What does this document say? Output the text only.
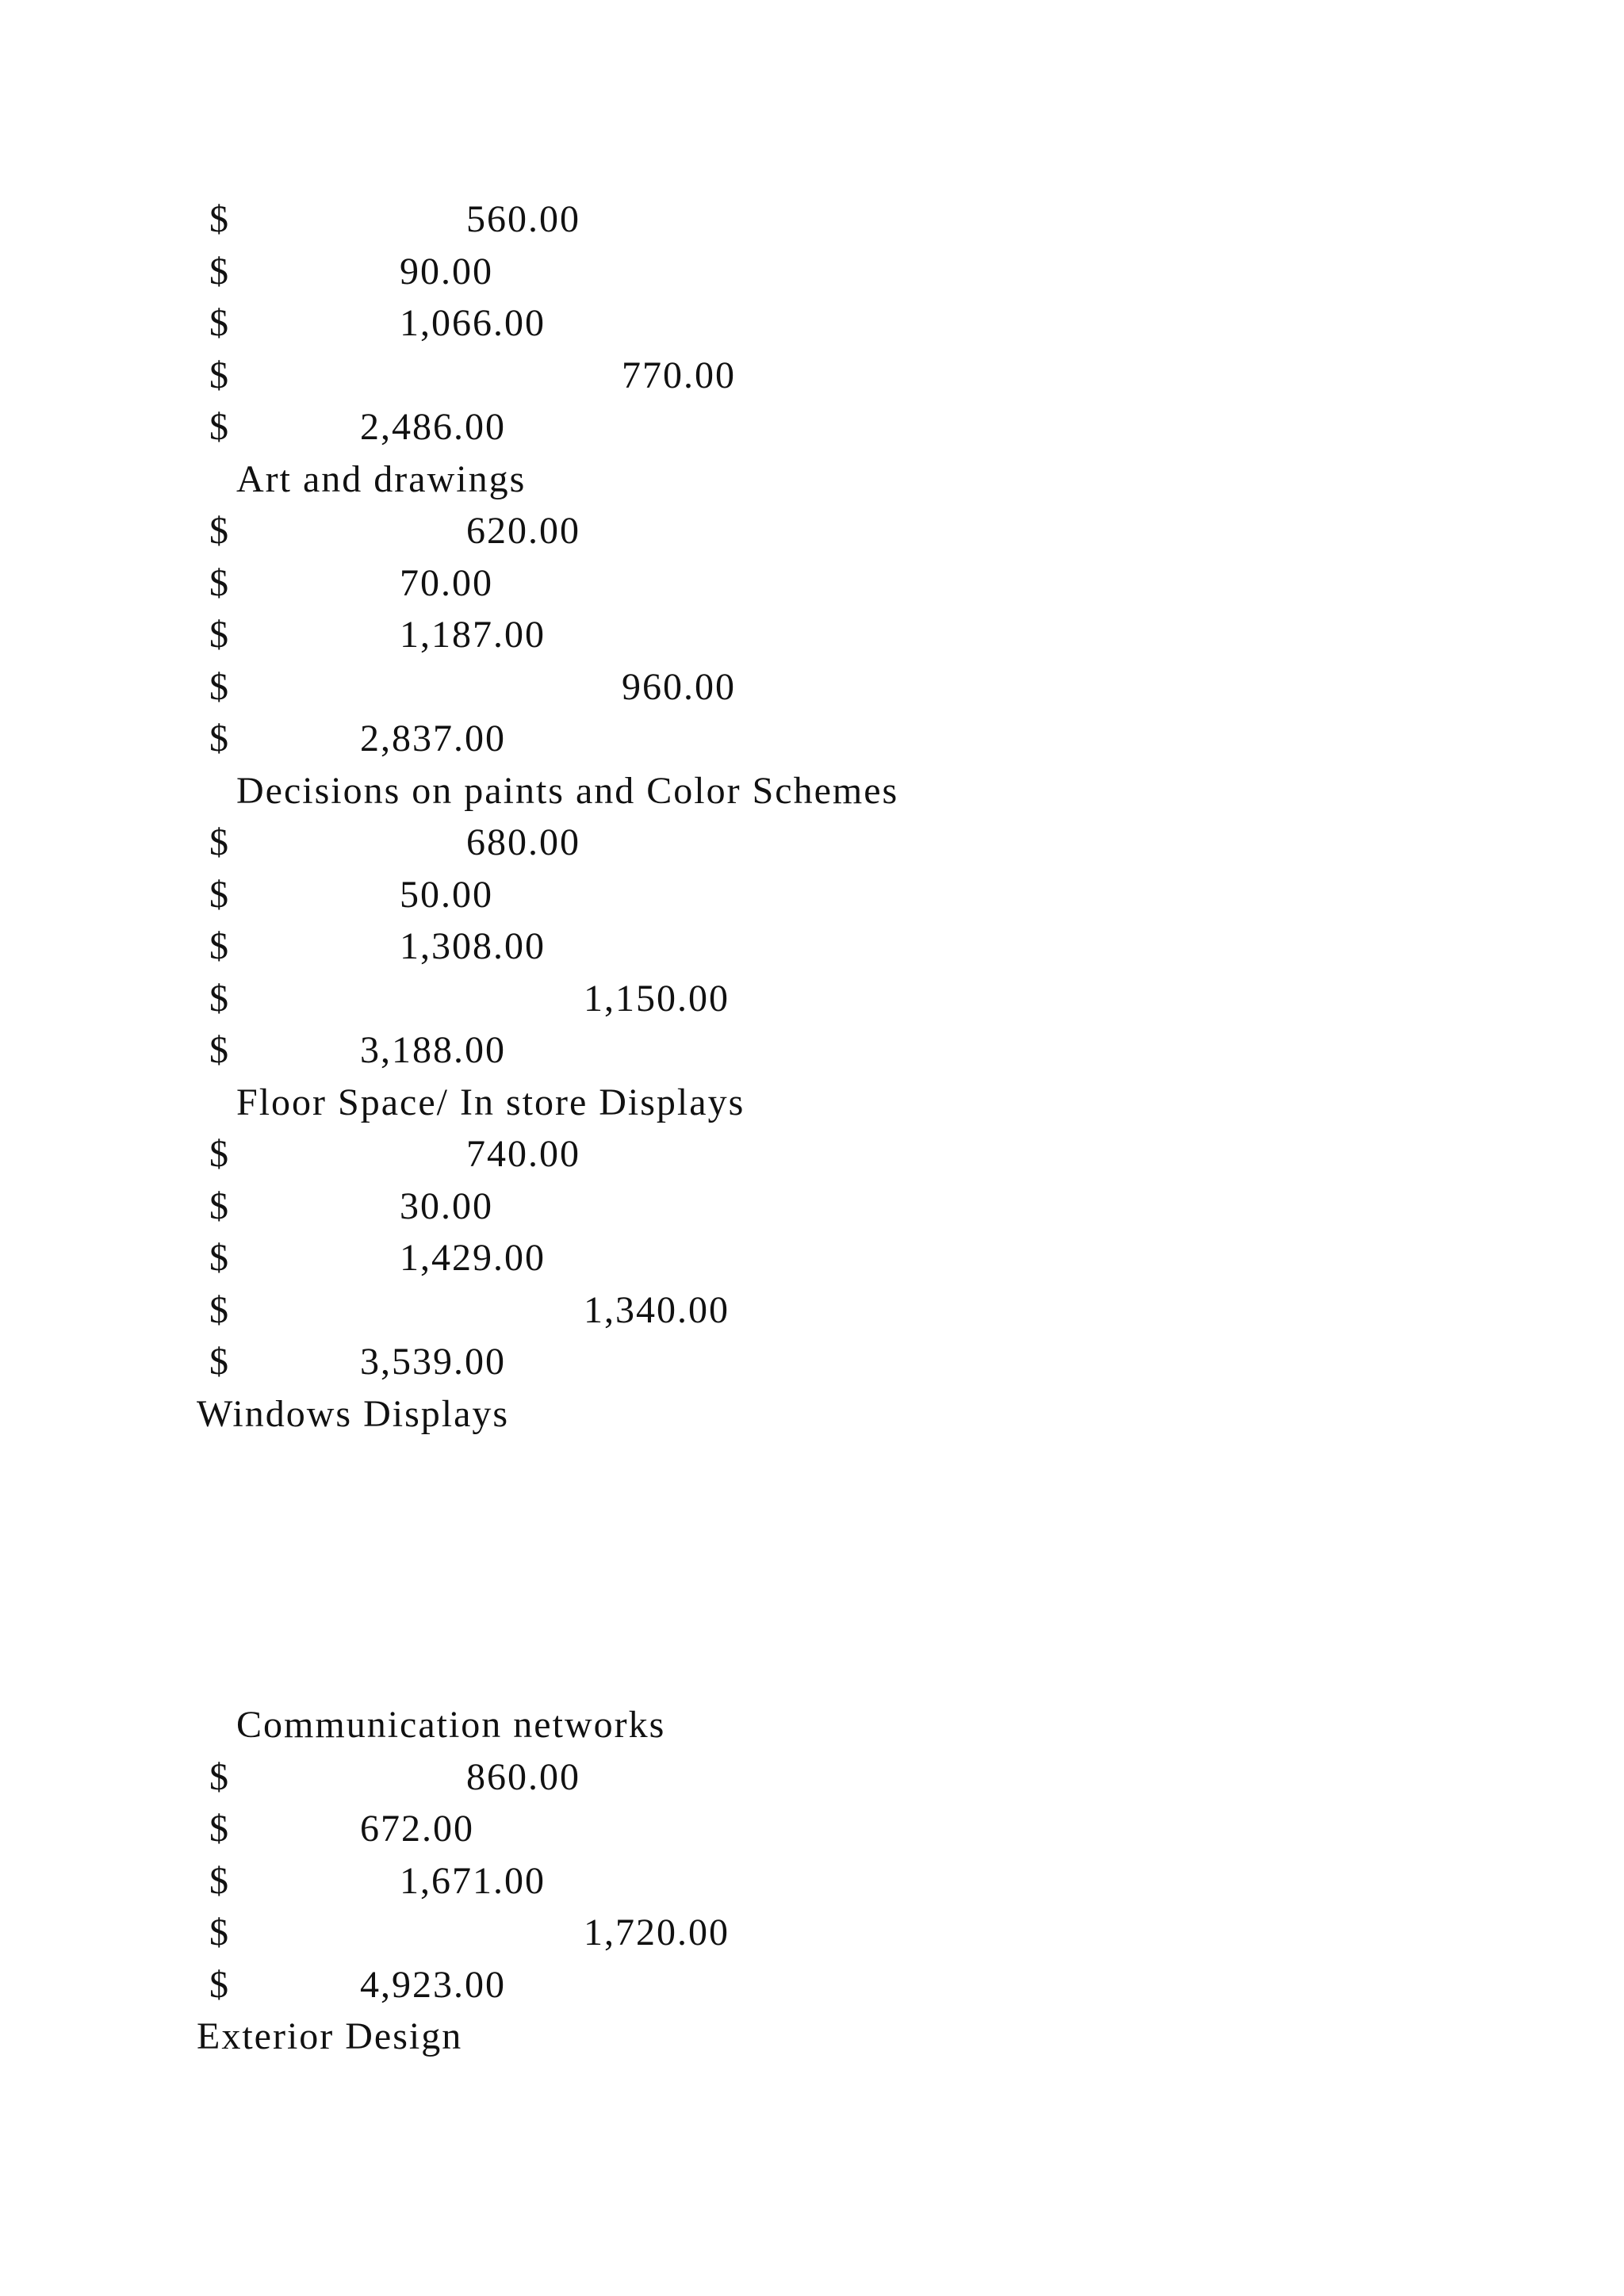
$	560.00
$	90.00
$	1,066.00
$	770.00
$	2,486.00
Art and drawings
$	620.00
$	70.00
$	1,187.00
$	960.00
$	2,837.00
Decisions on paints and Color Schemes
$	680.00
$	50.00
$	1,308.00
$	1,150.00
$	3,188.00
Floor Space/ In store Displays
$	740.00
$	30.00
$	1,429.00
$	1,340.00
$	3,539.00
Windows Displays
Communication networks
$	860.00
$	672.00
$	1,671.00
$	1,720.00
$	4,923.00
Exterior Design
